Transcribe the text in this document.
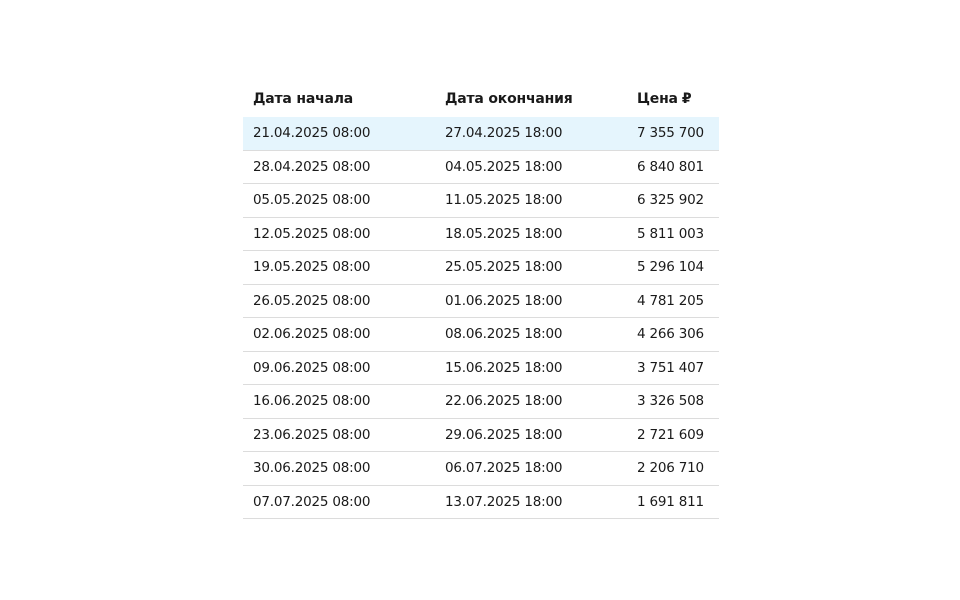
Дата начала	Дата окончания	Цена ₽
21.04.2025 08:00	27.04.2025 18:00	7 355 700
28.04.2025 08:00	04.05.2025 18:00	6 840 801
05.05.2025 08:00	11.05.2025 18:00	6 325 902
12.05.2025 08:00	18.05.2025 18:00	5 811 003
19.05.2025 08:00	25.05.2025 18:00	5 296 104
26.05.2025 08:00	01.06.2025 18:00	4 781 205
02.06.2025 08:00	08.06.2025 18:00	4 266 306
09.06.2025 08:00	15.06.2025 18:00	3 751 407
16.06.2025 08:00	22.06.2025 18:00	3 326 508
23.06.2025 08:00	29.06.2025 18:00	2 721 609
30.06.2025 08:00	06.07.2025 18:00	2 206 710
07.07.2025 08:00	13.07.2025 18:00	1 691 811
